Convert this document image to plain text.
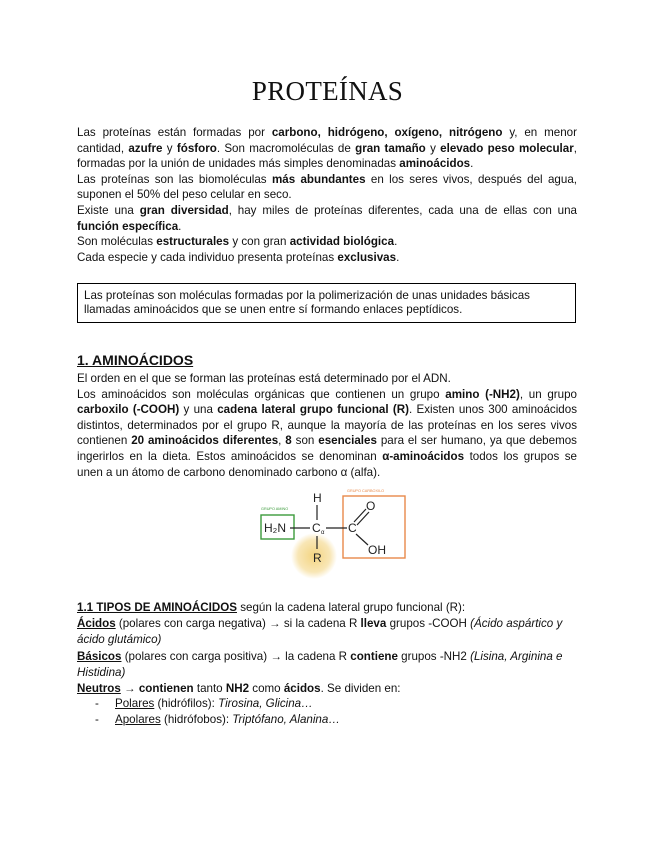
PROTEÍNAS

Las proteínas están formadas por carbono, hidrógeno, oxígeno, nitrógeno y, en menor cantidad, azufre y fósforo. Son macromoléculas de gran tamaño y elevado peso molecular, formadas por la unión de unidades más simples denominadas aminoácidos.

Las proteínas son las biomoléculas más abundantes en los seres vivos, después del agua, suponen el 50% del peso celular en seco.

Existe una gran diversidad, hay miles de proteínas diferentes, cada una de ellas con una función específica.

Son moléculas estructurales y con gran actividad biológica.

Cada especie y cada individuo presenta proteínas exclusivas.

Las proteínas son moléculas formadas por la polimerización de unas unidades básicas llamadas aminoácidos que se unen entre sí formando enlaces peptídicos.
1. AMINOÁCIDOS

El orden en el que se forman las proteínas está determinado por el ADN.

Los aminoácidos son moléculas orgánicas que contienen un grupo amino (-NH2), un grupo carboxilo (-COOH) y una cadena lateral grupo funcional (R). Existen unos 300 aminoácidos distintos, determinados por el grupo R, aunque la mayoría de las proteínas en los seres vivos contienen 20 aminoácidos diferentes, 8 son esenciales para el ser humano, ya que debemos ingerirlos en la dieta. Estos aminoácidos se denominan α-aminoácidos todos los grupos se unen a un átomo de carbono denominado carbono α (alfa).

GRUPO AMINO
GRUPO CARBOXILO
H
H₂N C α C
O
OH
R
1.1 TIPOS DE AMINOÁCIDOS según la cadena lateral grupo funcional (R):
Ácidos (polares con carga negativa) → si la cadena R lleva grupos -COOH (Ácido aspártico y ácido glutámico)
Básicos (polares con carga positiva) → la cadena R contiene grupos -NH2 (Lisina, Arginina e Histidina)
Neutros → contienen tanto NH2 como ácidos. Se dividen en:
-	Polares (hidrófilos): Tirosina, Glicina…
-	Apolares (hidrófobos): Triptófano, Alanina…
